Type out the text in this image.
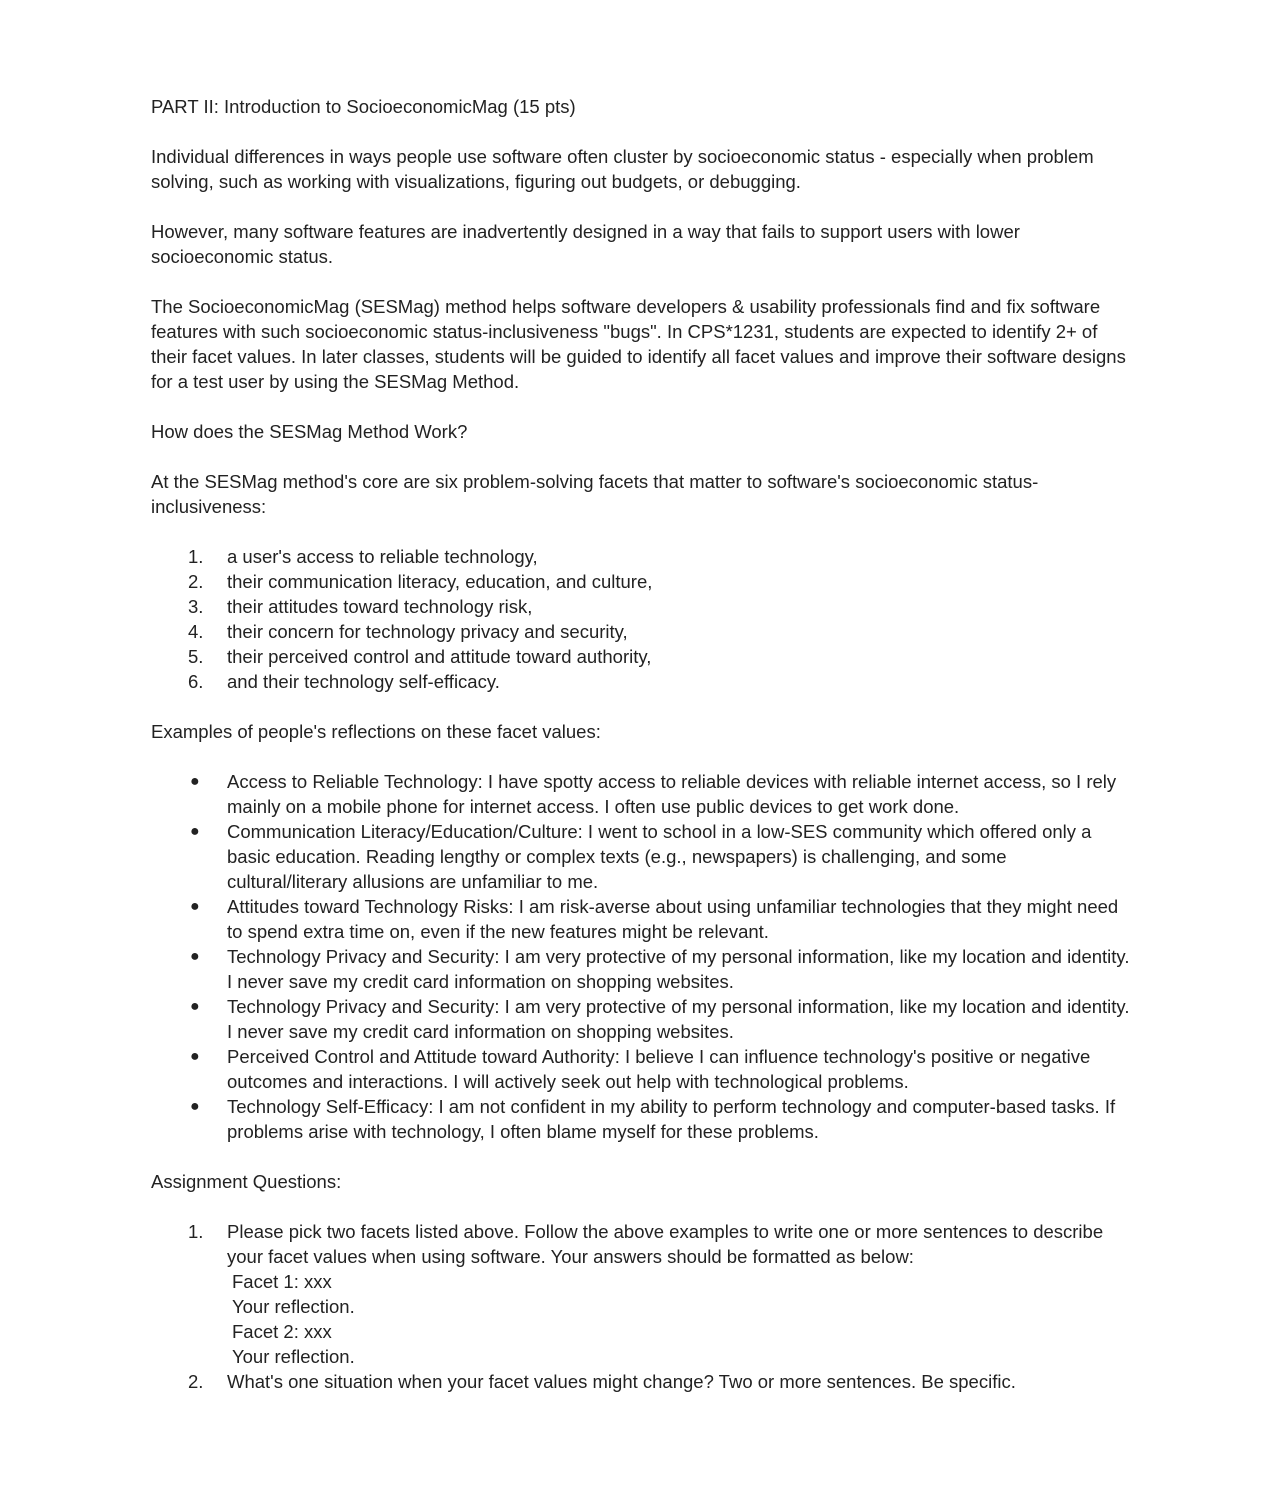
PART II: Introduction to SocioeconomicMag (15 pts)

Individual differences in ways people use software often cluster by socioeconomic status - especially when problem solving, such as working with visualizations, figuring out budgets, or debugging.

However, many software features are inadvertently designed in a way that fails to support users with lower socioeconomic status.

The SocioeconomicMag (SESMag) method helps software developers & usability professionals find and fix software features with such socioeconomic status-inclusiveness "bugs". In CPS*1231, students are expected to identify 2+ of their facet values. In later classes, students will be guided to identify all facet values and improve their software designs for a test user by using the SESMag Method.

How does the SESMag Method Work?

At the SESMag method's core are six problem-solving facets that matter to software's socioeconomic status-inclusiveness:

1.	a user's access to reliable technology,
2.	their communication literacy, education, and culture,
3.	their attitudes toward technology risk,
4.	their concern for technology privacy and security,
5.	their perceived control and attitude toward authority,
6.	and their technology self-efficacy.

Examples of people's reflections on these facet values:

● Access to Reliable Technology: I have spotty access to reliable devices with reliable internet access, so I rely mainly on a mobile phone for internet access. I often use public devices to get work done.
● Communication Literacy/Education/Culture: I went to school in a low-SES community which offered only a basic education. Reading lengthy or complex texts (e.g., newspapers) is challenging, and some cultural/literary allusions are unfamiliar to me.
● Attitudes toward Technology Risks: I am risk-averse about using unfamiliar technologies that they might need to spend extra time on, even if the new features might be relevant.
● Technology Privacy and Security: I am very protective of my personal information, like my location and identity. I never save my credit card information on shopping websites.
● Technology Privacy and Security: I am very protective of my personal information, like my location and identity. I never save my credit card information on shopping websites.
● Perceived Control and Attitude toward Authority: I believe I can influence technology's positive or negative outcomes and interactions. I will actively seek out help with technological problems.
● Technology Self-Efficacy: I am not confident in my ability to perform technology and computer-based tasks. If problems arise with technology, I often blame myself for these problems.

Assignment Questions:

1.	Please pick two facets listed above. Follow the above examples to write one or more sentences to describe your facet values when using software. Your answers should be formatted as below:
Facet 1: xxx
Your reflection.
Facet 2: xxx
Your reflection.
2.	What's one situation when your facet values might change? Two or more sentences. Be specific.
